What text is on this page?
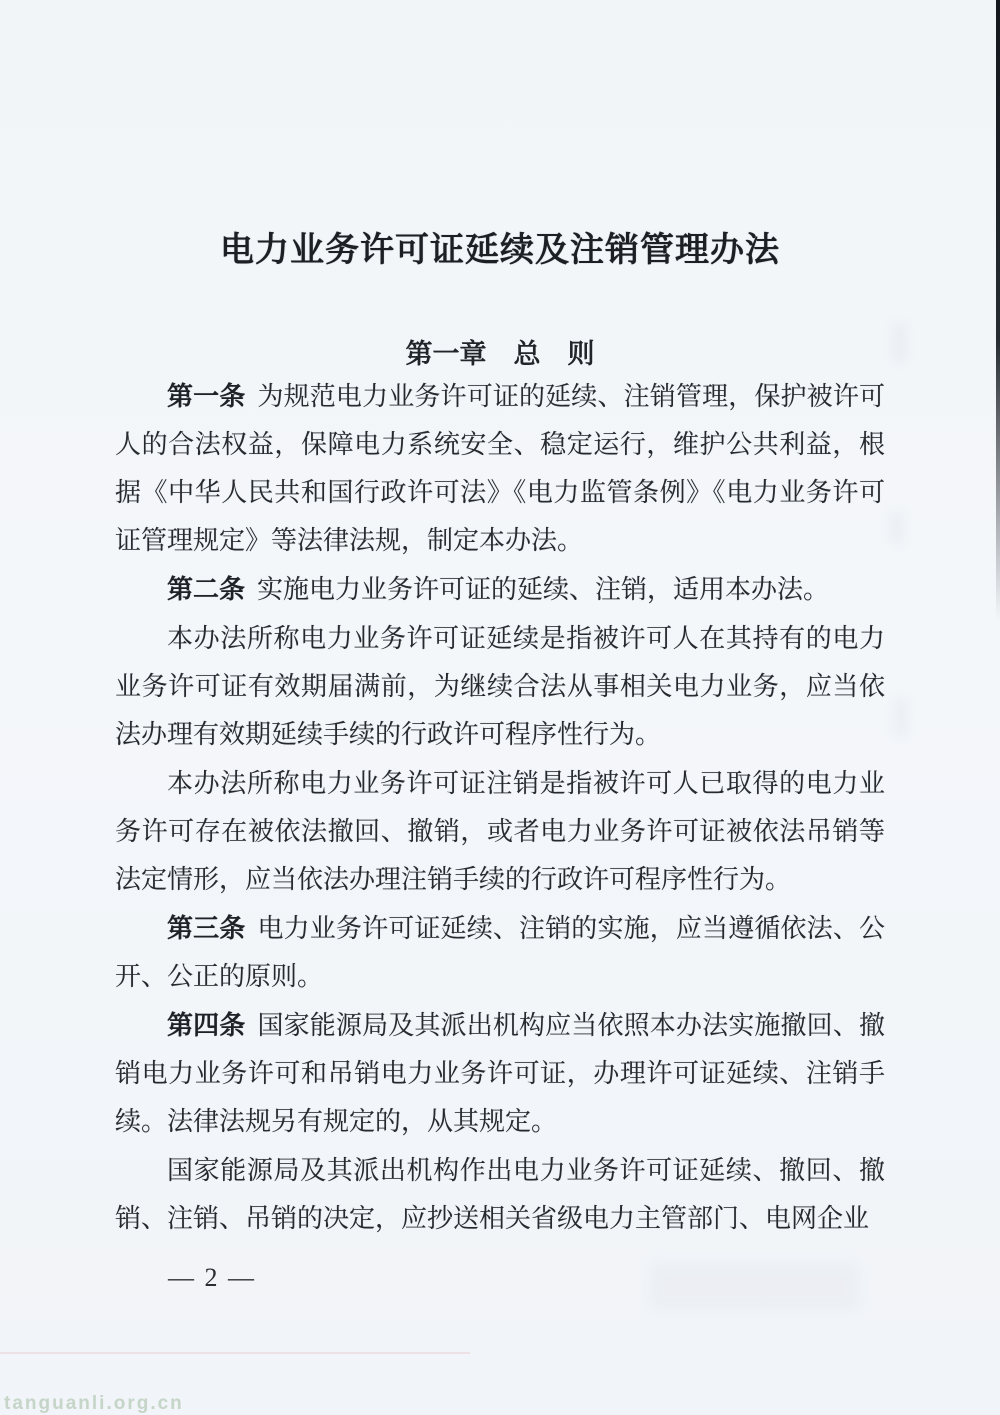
电力业务许可证延续及注销管理办法
第一章　总　则

第一条 为规范电力业务许可证的延续、注销管理，保护被许可人的合法权益，保障电力系统安全、稳定运行，维护公共利益，根据《中华人民共和国行政许可法》《电力监管条例》《电力业务许可证管理规定》等法律法规，制定本办法。

第二条 实施电力业务许可证的延续、注销，适用本办法。

本办法所称电力业务许可证延续是指被许可人在其持有的电力业务许可证有效期届满前，为继续合法从事相关电力业务，应当依法办理有效期延续手续的行政许可程序性行为。

本办法所称电力业务许可证注销是指被许可人已取得的电力业务许可存在被依法撤回、撤销，或者电力业务许可证被依法吊销等法定情形，应当依法办理注销手续的行政许可程序性行为。

第三条 电力业务许可证延续、注销的实施，应当遵循依法、公开、公正的原则。

第四条 国家能源局及其派出机构应当依照本办法实施撤回、撤销电力业务许可和吊销电力业务许可证，办理许可证延续、注销手续。法律法规另有规定的，从其规定。

国家能源局及其派出机构作出电力业务许可证延续、撤回、撤销、注销、吊销的决定，应抄送相关省级电力主管部门、电网企业

— 2 —
tanguanli.org.cn
